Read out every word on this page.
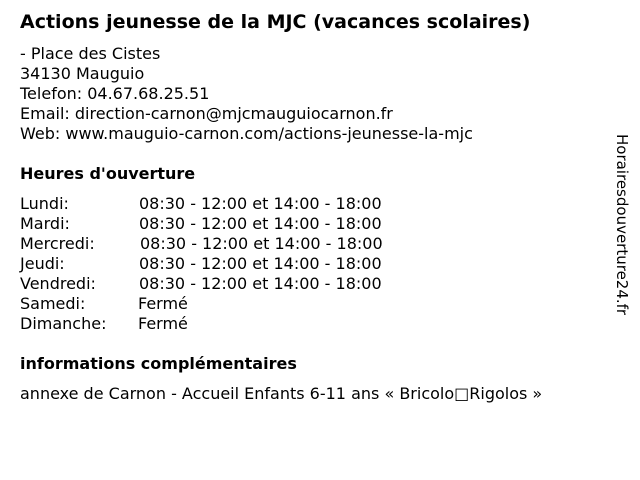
Actions jeunesse de la MJC (vacances scolaires)
- Place des Cistes
34130 Mauguio
Telefon: 04.67.68.25.51
Email: direction-carnon@mjcmauguiocarnon.fr
Web: www.mauguio-carnon.com/actions-jeunesse-la-mjc
Heures d'ouverture
Lundi:	08:30 - 12:00 et 14:00 - 18:00
Mardi:	08:30 - 12:00 et 14:00 - 18:00
Mercredi:	08:30 - 12:00 et 14:00 - 18:00
Jeudi:	08:30 - 12:00 et 14:00 - 18:00
Vendredi:	08:30 - 12:00 et 14:00 - 18:00
Samedi:	Fermé
Dimanche: Fermé
informations complémentaires
annexe de Carnon - Accueil Enfants 6-11 ans « Bricolo□Rigolos »
Horairesdouverture24.fr
